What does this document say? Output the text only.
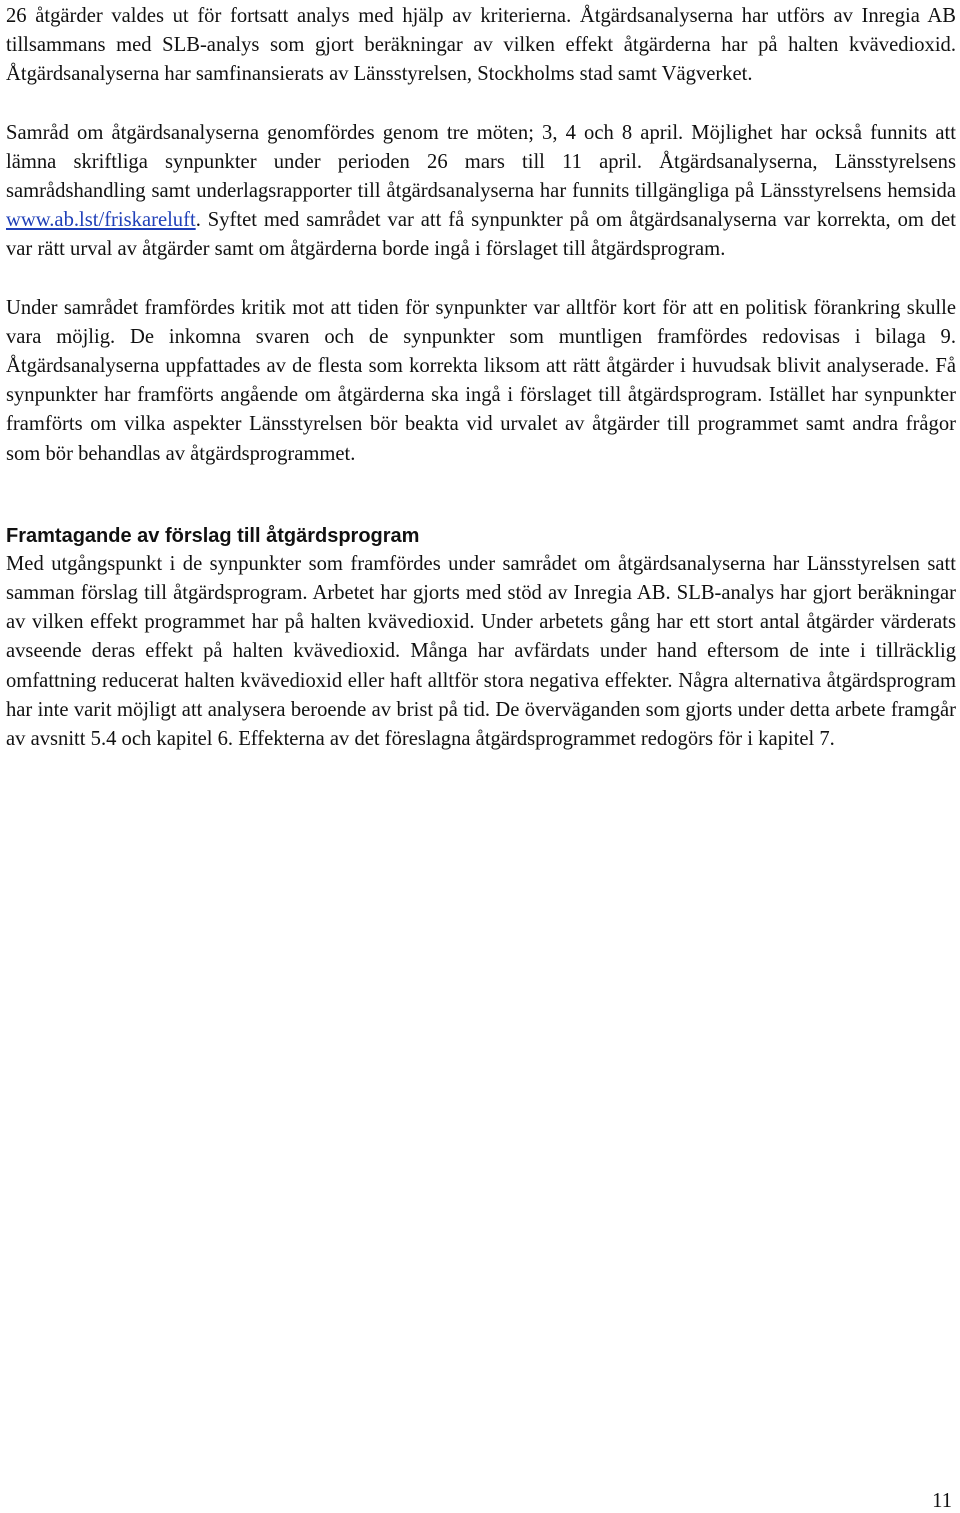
26 åtgärder valdes ut för fortsatt analys med hjälp av kriterierna. Åtgärdsanalyserna har utförs av Inregia AB tillsammans med SLB-analys som gjort beräkningar av vilken effekt åtgärderna har på halten kvävedioxid. Åtgärdsanalyserna har samfinansierats av Länsstyrelsen, Stockholms stad samt Vägverket.

Samråd om åtgärdsanalyserna genomfördes genom tre möten; 3, 4 och 8 april. Möjlighet har också funnits att lämna skriftliga synpunkter under perioden 26 mars till 11 april. Åtgärdsanalyserna, Länsstyrelsens samrådshandling samt underlagsrapporter till åtgärdsanalyserna har funnits tillgängliga på Länsstyrelsens hemsida www.ab.lst/friskareluft. Syftet med samrådet var att få synpunkter på om åtgärdsanalyserna var korrekta, om det var rätt urval av åtgärder samt om åtgärderna borde ingå i förslaget till åtgärdsprogram.

Under samrådet framfördes kritik mot att tiden för synpunkter var alltför kort för att en politisk förankring skulle vara möjlig. De inkomna svaren och de synpunkter som muntligen framfördes redovisas i bilaga 9. Åtgärdsanalyserna uppfattades av de flesta som korrekta liksom att rätt åtgärder i huvudsak blivit analyserade. Få synpunkter har framförts angående om åtgärderna ska ingå i förslaget till åtgärdsprogram. Istället har synpunkter framförts om vilka aspekter Länsstyrelsen bör beakta vid urvalet av åtgärder till programmet samt andra frågor som bör behandlas av åtgärdsprogrammet.

Framtagande av förslag till åtgärdsprogram

Med utgångspunkt i de synpunkter som framfördes under samrådet om åtgärdsanalyserna har Länsstyrelsen satt samman förslag till åtgärdsprogram. Arbetet har gjorts med stöd av Inregia AB. SLB-analys har gjort beräkningar av vilken effekt programmet har på halten kvävedioxid. Under arbetets gång har ett stort antal åtgärder värderats avseende deras effekt på halten kvävedioxid. Många har avfärdats under hand eftersom de inte i tillräcklig omfattning reducerat halten kvävedioxid eller haft alltför stora negativa effekter. Några alternativa åtgärdsprogram har inte varit möjligt att analysera beroende av brist på tid. De överväganden som gjorts under detta arbete framgår av avsnitt 5.4 och kapitel 6. Effekterna av det föreslagna åtgärdsprogrammet redogörs för i kapitel 7.

11
